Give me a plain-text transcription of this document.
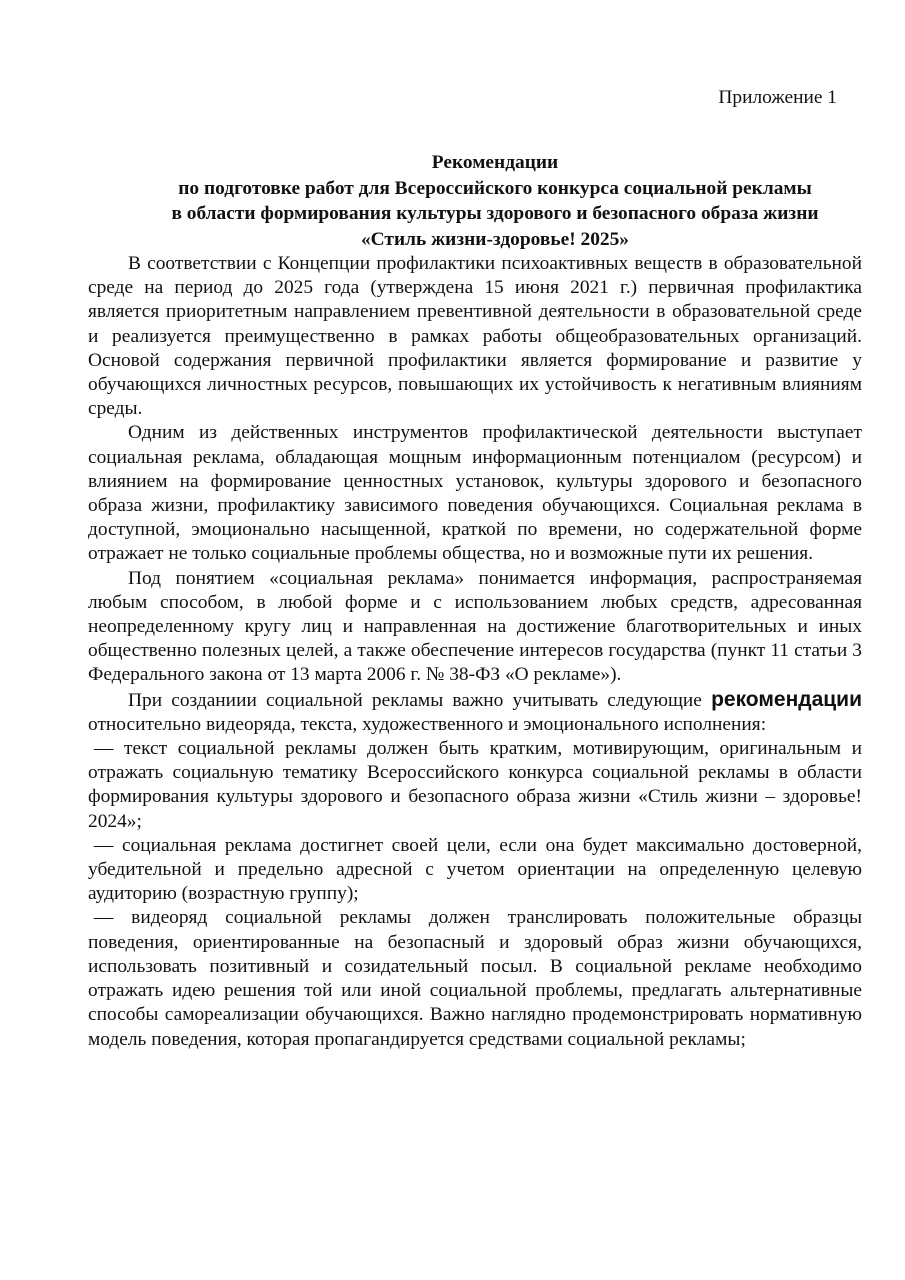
Приложение 1
Рекомендации
по подготовке работ для Всероссийского конкурса социальной рекламы
в области формирования культуры здорового и безопасного образа жизни
«Стиль жизни-здоровье! 2025»

В соответствии с Концепции профилактики психоактивных веществ в образовательной среде на период до 2025 года (утверждена 15 июня 2021 г.) первичная профилактика является приоритетным направлением превентивной деятельности в образовательной среде и реализуется преимущественно в рамках работы общеобразовательных организаций. Основой содержания первичной профилактики является формирование и развитие у обучающихся личностных ресурсов, повышающих их устойчивость к негативным влияниям среды.

Одним из действенных инструментов профилактической деятельности выступает социальная реклама, обладающая мощным информационным потенциалом (ресурсом) и влиянием на формирование ценностных установок, культуры здорового и безопасного образа жизни, профилактику зависимого поведения обучающихся. Социальная реклама в доступной, эмоционально насыщенной, краткой по времени, но содержательной форме отражает не только социальные проблемы общества, но и возможные пути их решения.

Под понятием «социальная реклама» понимается информация, распространяемая любым способом, в любой форме и с использованием любых средств, адресованная неопределенному кругу лиц и направленная на достижение благотворительных и иных общественно полезных целей, а также обеспечение интересов государства (пункт 11 статьи 3 Федерального закона от 13 марта 2006 г. № 38-ФЗ «О рекламе»).

При созданиии социальной рекламы важно учитывать следующие рекомендации относительно видеоряда, текста, художественного и эмоционального исполнения:

— текст социальной рекламы должен быть кратким, мотивирующим, оригинальным и отражать социальную тематику Всероссийского конкурса социальной рекламы в области формирования культуры здорового и безопасного образа жизни «Стиль жизни – здоровье! 2024»;

— социальная реклама достигнет своей цели, если она будет максимально достоверной, убедительной и предельно адресной с учетом ориентации на определенную целевую аудиторию (возрастную группу);

— видеоряд социальной рекламы должен транслировать положительные образцы поведения, ориентированные на безопасный и здоровый образ жизни обучающихся, использовать позитивный и созидательный посыл. В социальной рекламе необходимо отражать идею решения той или иной социальной проблемы, предлагать альтернативные способы самореализации обучающихся. Важно наглядно продемонстрировать нормативную модель поведения, которая пропагандируется средствами социальной рекламы;
